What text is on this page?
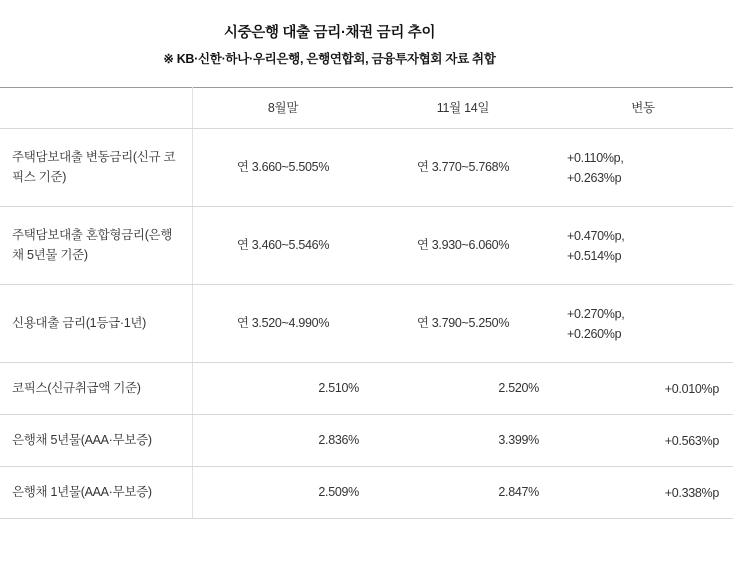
시중은행 대출 금리·채권 금리 추이
※ KB·신한·하나·우리은행, 은행연합회, 금융투자협회 자료 취합
	8월말	11월 14일	변동
주택담보대출 변동금리(신규 코픽스 기준)	연 3.660~5.505%	연 3.770~5.768%	+0.110%p,
+0.263%p

주택담보대출 혼합형금리(은행채 5년물 기준)	연 3.460~5.546%	연 3.930~6.060%	+0.470%p,
+0.514%p

신용대출 금리(1등급·1년)	연 3.520~4.990%	연 3.790~5.250%	+0.270%p,
+0.260%p

코픽스(신규취급액 기준)	2.510%	2.520%	+0.010%p

은행채 5년물(AAA·무보증)	2.836%	3.399%	+0.563%p

은행채 1년물(AAA·무보증)	2.509%	2.847%	+0.338%p
